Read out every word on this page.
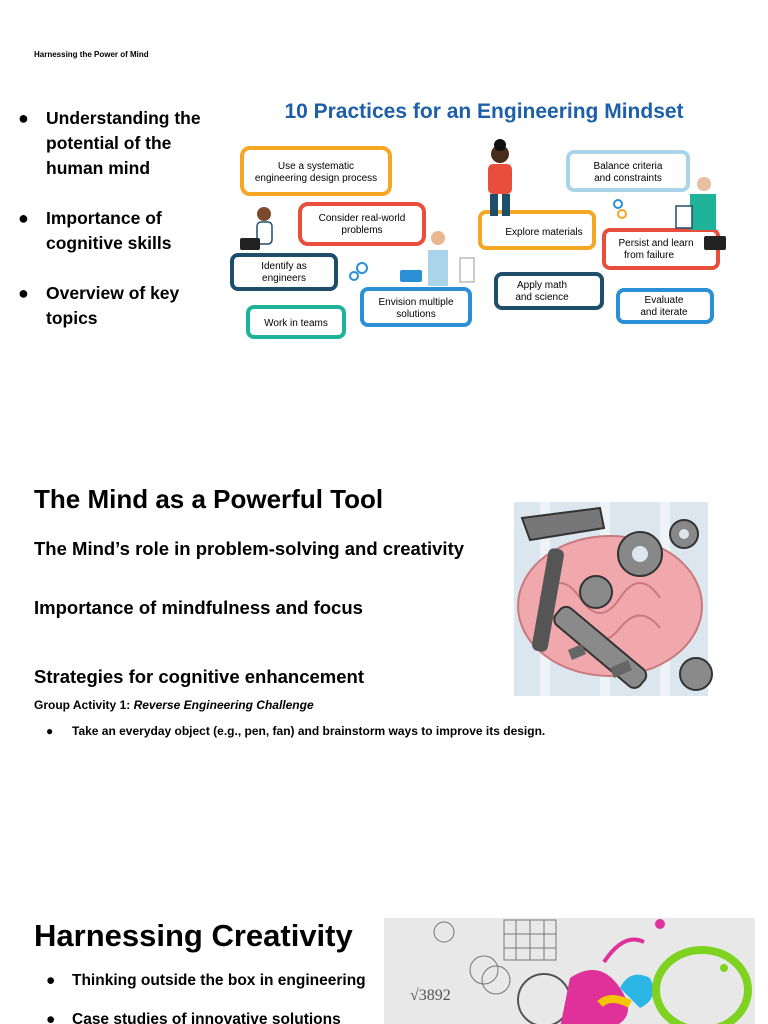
Harnessing the Power of Mind
● Understanding the potential of the human mind
● Importance of cognitive skills
● Overview of key topics
10 Practices for an Engineering Mindset
Use a systematic engineering design process
Consider real-world problems
Identify as engineers
Work in teams
Envision multiple solutions
Explore materials
Apply math and science
Balance criteria and constraints
Persist and learn from failure
Evaluate and iterate
The Mind as a Powerful Tool
The Mind’s role in problem-solving and creativity
Importance of mindfulness and focus
Strategies for cognitive enhancement
Group Activity 1: Reverse Engineering Challenge
● Take an everyday object (e.g., pen, fan) and brainstorm ways to improve its design.
Harnessing Creativity
● Thinking outside the box in engineering
● Case studies of innovative solutions
√3892
